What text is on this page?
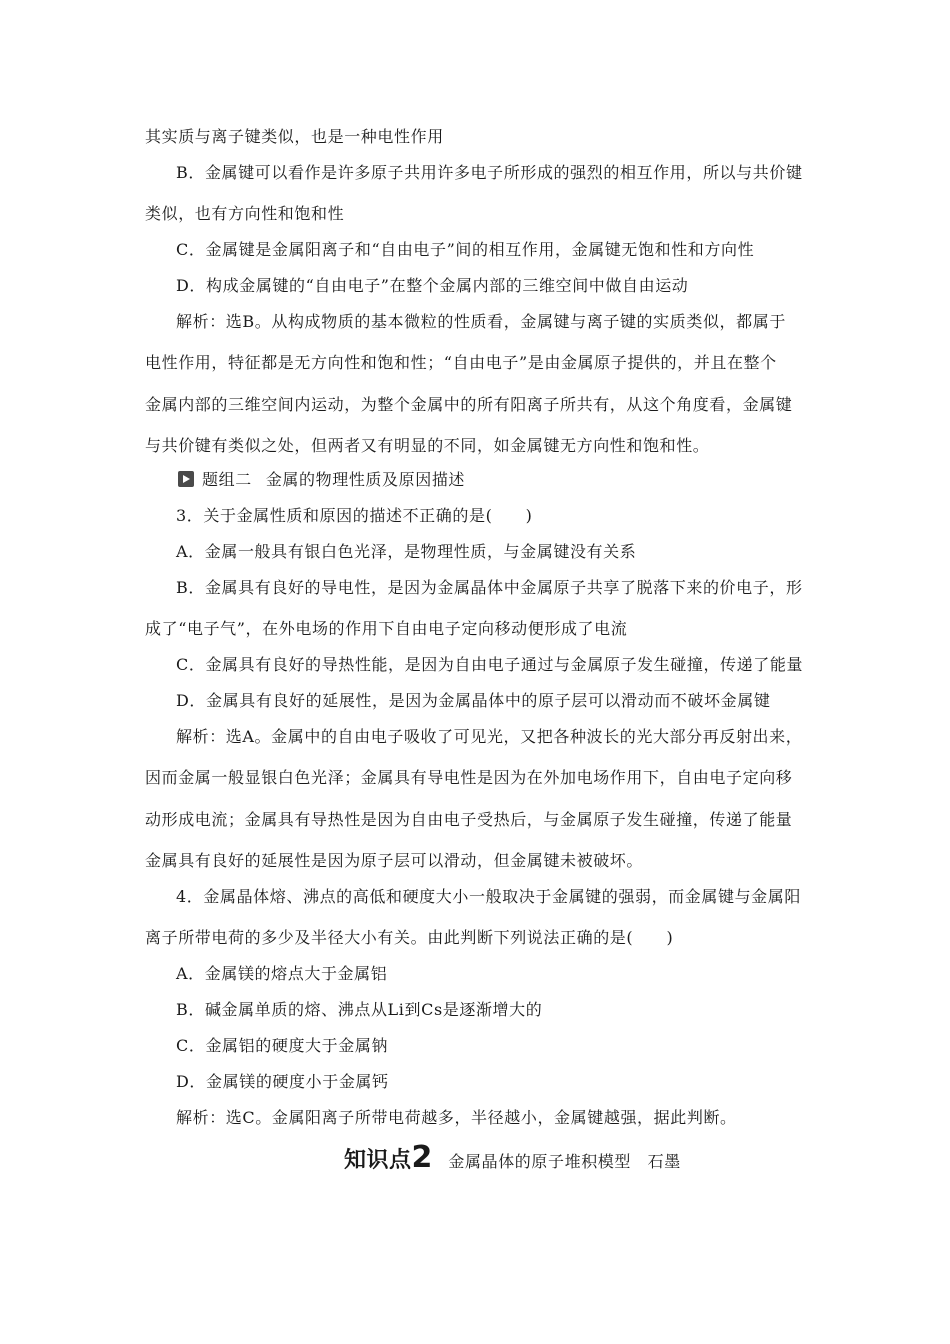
其实质与离子键类似，也是一种电性作用
B．金属键可以看作是许多原子共用许多电子所形成的强烈的相互作用，所以与共价键
类似，也有方向性和饱和性
C．金属键是金属阳离子和“自由电子”间的相互作用，金属键无饱和性和方向性
D．构成金属键的“自由电子”在整个金属内部的三维空间中做自由运动
解析：选B。从构成物质的基本微粒的性质看，金属键与离子键的实质类似，都属于
电性作用，特征都是无方向性和饱和性；“自由电子”是由金属原子提供的，并且在整个
金属内部的三维空间内运动，为整个金属中的所有阳离子所共有，从这个角度看，金属键
与共价键有类似之处，但两者又有明显的不同，如金属键无方向性和饱和性。
题组二 金属的物理性质及原因描述
3．关于金属性质和原因的描述不正确的是(　　)
A．金属一般具有银白色光泽，是物理性质，与金属键没有关系
B．金属具有良好的导电性，是因为金属晶体中金属原子共享了脱落下来的价电子，形
成了“电子气”，在外电场的作用下自由电子定向移动便形成了电流
C．金属具有良好的导热性能，是因为自由电子通过与金属原子发生碰撞，传递了能量
D．金属具有良好的延展性，是因为金属晶体中的原子层可以滑动而不破坏金属键
解析：选A。金属中的自由电子吸收了可见光，又把各种波长的光大部分再反射出来，
因而金属一般显银白色光泽；金属具有导电性是因为在外加电场作用下，自由电子定向移
动形成电流；金属具有导热性是因为自由电子受热后，与金属原子发生碰撞，传递了能量
金属具有良好的延展性是因为原子层可以滑动，但金属键未被破坏。
4．金属晶体熔、沸点的高低和硬度大小一般取决于金属键的强弱，而金属键与金属阳
离子所带电荷的多少及半径大小有关。由此判断下列说法正确的是(　　)
A．金属镁的熔点大于金属铝
B．碱金属单质的熔、沸点从Li到Cs是逐渐增大的
C．金属铝的硬度大于金属钠
D．金属镁的硬度小于金属钙
解析：选C。金属阳离子所带电荷越多，半径越小，金属键越强，据此判断。
知识点 2 金属晶体的原子堆积模型　石墨
